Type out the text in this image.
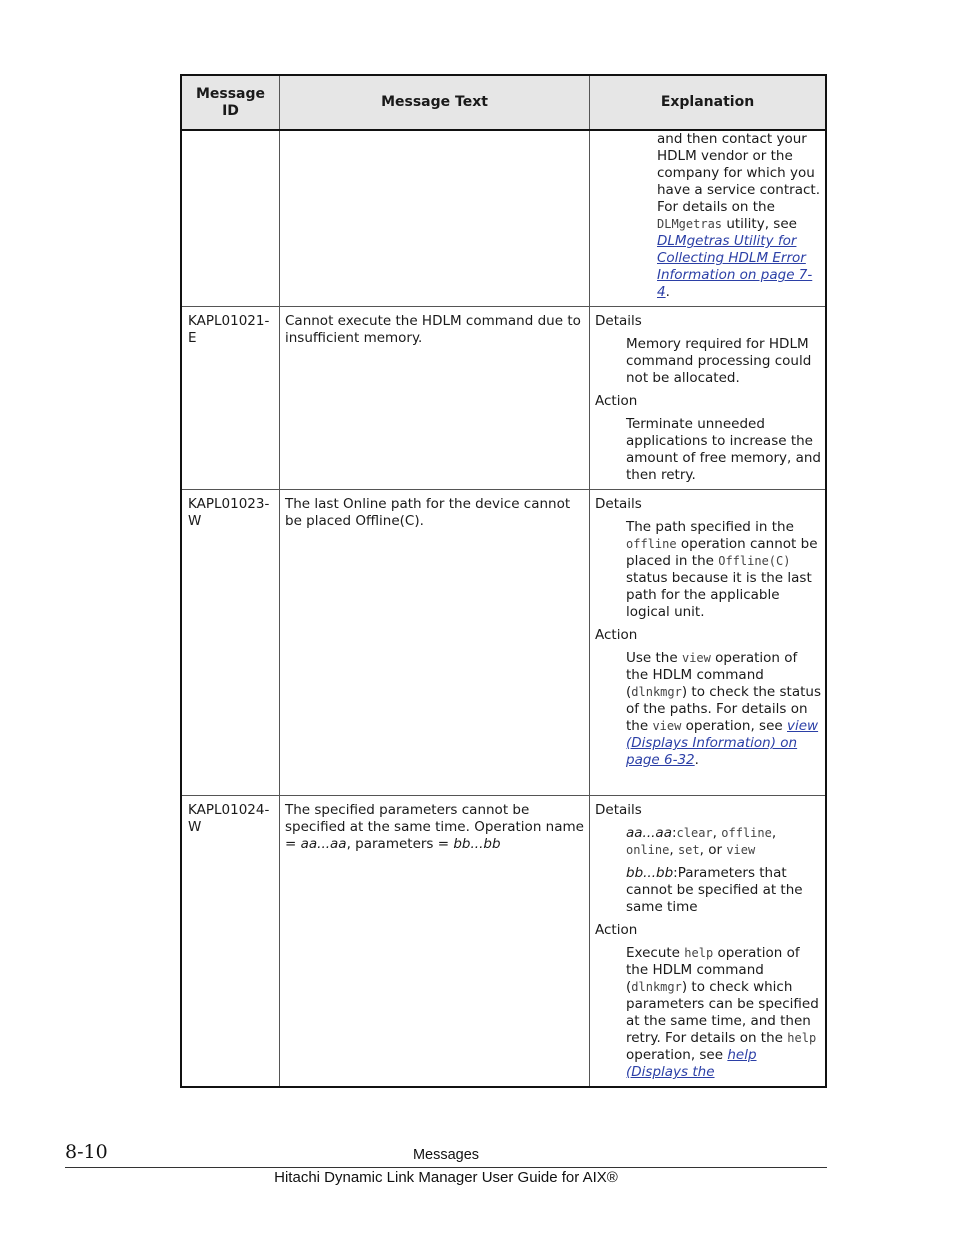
Message ID
Message Text	Explanation

and then contact your HDLM vendor or the company for which you have a service contract. For details on the DLMgetras utility, see DLMgetras Utility for Collecting HDLM Error Information on page 7-4.

KAPL01021-E
Cannot execute the HDLM command due to insufficient memory.

Details

Memory required for HDLM command processing could not be allocated.

Action

Terminate unneeded applications to increase the amount of free memory, and then retry.

KAPL01023-W
The last Online path for the device cannot be placed Offline(C).

Details

The path specified in the offline operation cannot be placed in the Offline(C) status because it is the last path for the applicable logical unit.

Action

Use the view operation of the HDLM command (dlnkmgr) to check the status of the paths. For details on the view operation, see view (Displays Information) on page 6-32.

KAPL01024-W
The specified parameters cannot be specified at the same time. Operation name = aa...aa, parameters = bb...bb

Details

aa...aa:clear, offline, online, set, or view

bb...bb:Parameters that cannot be specified at the same time

Action

Execute help operation of the HDLM command (dlnkmgr) to check which parameters can be specified at the same time, and then retry. For details on the help operation, see help (Displays the

8-10	Messages
Hitachi Dynamic Link Manager User Guide for AIX®
